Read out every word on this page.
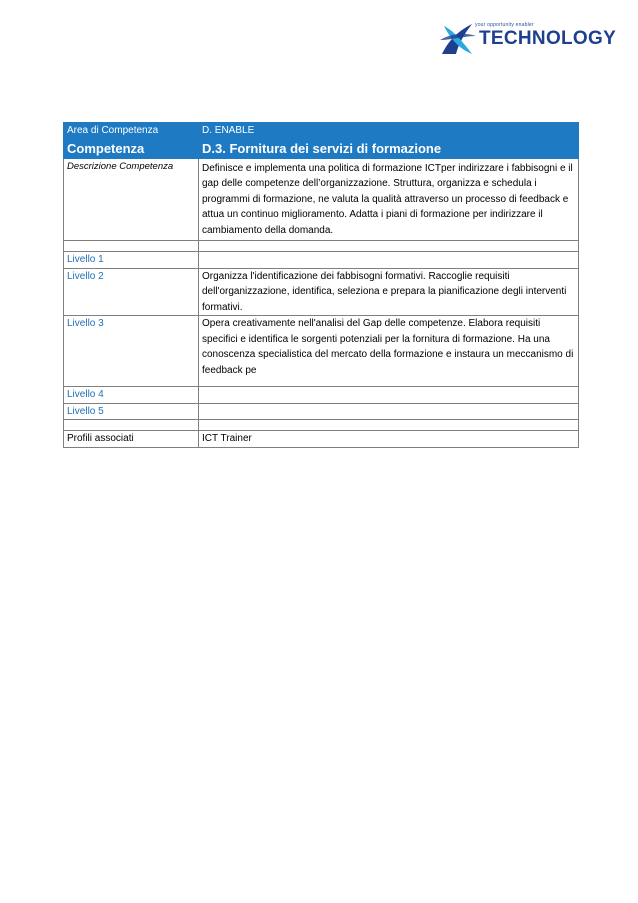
your opportunity enabler
TECHNOLOGY
Area di Competenza	D. ENABLE
Competenza	D.3. Fornitura dei servizi di formazione
Descrizione Competenza	Definisce e implementa una politica di formazione ICTper indirizzare i fabbisogni e il gap delle competenze dell’organizzazione. Struttura, organizza e schedula i programmi di formazione, ne valuta la qualità attraverso un processo di feedback e attua un continuo miglioramento. Adatta i piani di formazione per indirizzare il cambiamento della domanda.

Livello 1	
Livello 2	Organizza l'identificazione dei fabbisogni formativi. Raccoglie requisiti dell'organizzazione, identifica, seleziona e prepara la pianificazione degli interventi formativi.
Livello 3	Opera creativamente nell'analisi del Gap delle competenze. Elabora requisiti specifici e identifica le sorgenti potenziali per la fornitura di formazione. Ha una conoscenza specialistica del mercato della formazione e instaura un meccanismo di feedback pe
Livello 4	
Livello 5	

Profili associati	ICT Trainer
